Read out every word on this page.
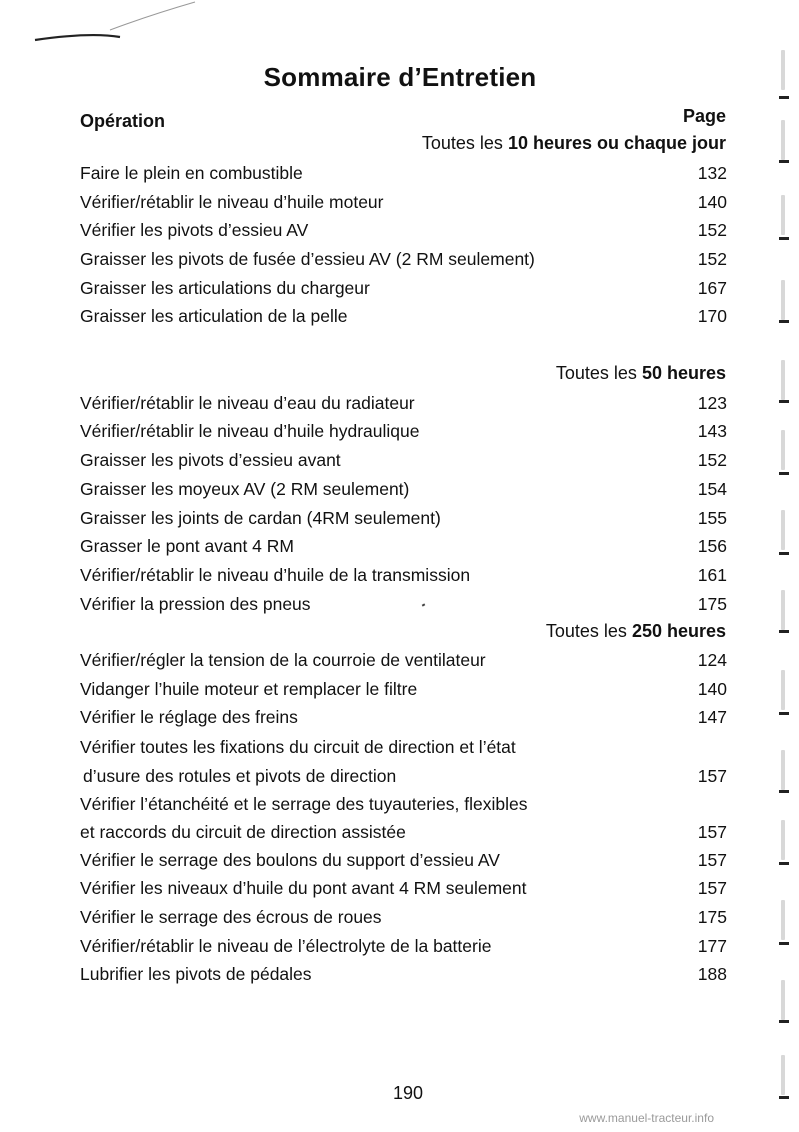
Sommaire d’Entretien
Opération	Page
Toutes les 10 heures ou chaque jour
Faire le plein en combustible	132
Vérifier/rétablir le niveau d’huile moteur	140
Vérifier les pivots d’essieu AV	152
Graisser les pivots de fusée d’essieu AV (2 RM seulement)	152
Graisser les articulations du chargeur	167
Graisser les articulation de la pelle	170
Toutes les 50 heures
Vérifier/rétablir le niveau d’eau du radiateur	123
Vérifier/rétablir le niveau d’huile hydraulique	143
Graisser les pivots d’essieu avant	152
Graisser les moyeux AV (2 RM seulement)	154
Graisser les joints de cardan (4RM seulement)	155
Grasser le pont avant 4 RM	156
Vérifier/rétablir le niveau d’huile de la transmission	161
Vérifier la pression des pneus	175
Toutes les 250 heures
Vérifier/régler la tension de la courroie de ventilateur	124
Vidanger l’huile moteur et remplacer le filtre	140
Vérifier le réglage des freins	147
Vérifier toutes les fixations du circuit de direction et l’état
d’usure des rotules et pivots de direction	157
Vérifier l’étanchéité et le serrage des tuyauteries, flexibles
et raccords du circuit de direction assistée	157
Vérifier le serrage des boulons du support d’essieu AV	157
Vérifier les niveaux d’huile du pont avant 4 RM seulement	157
Vérifier le serrage des écrous de roues	175
Vérifier/rétablir le niveau de l’électrolyte de la batterie	177
Lubrifier les pivots de pédales	188
190
www.manuel-tracteur.info
